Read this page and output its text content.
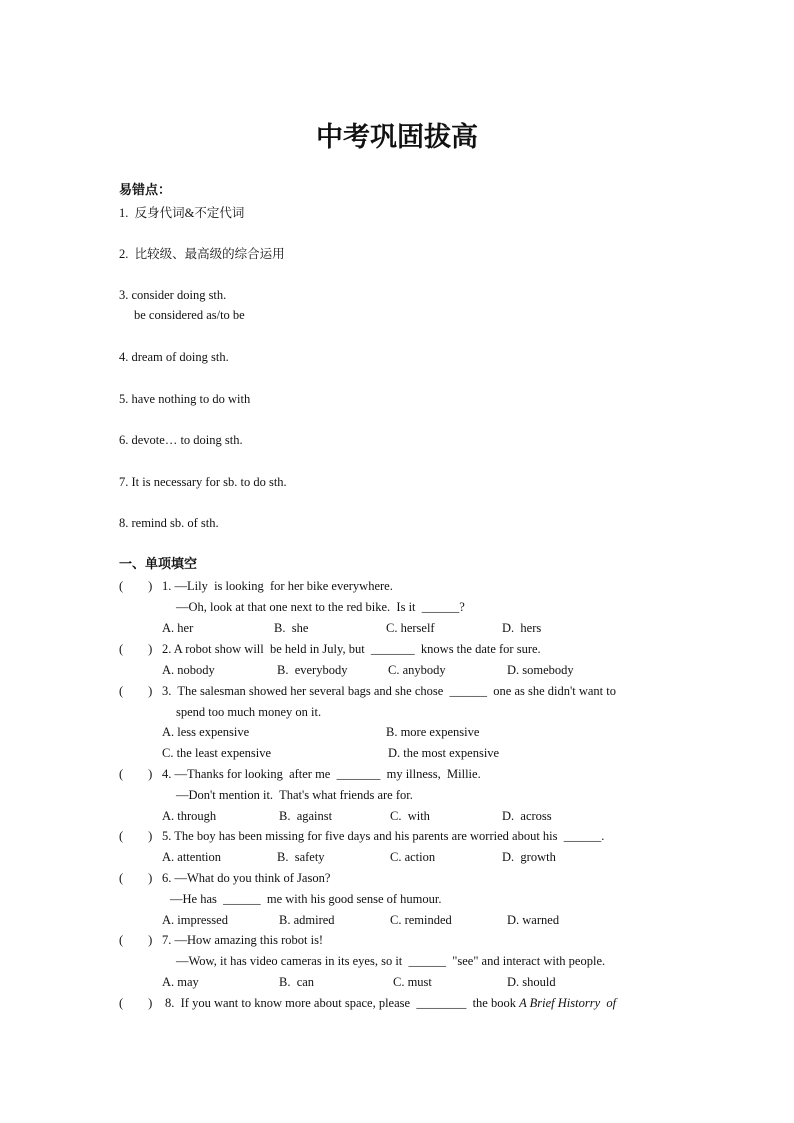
中考巩固拔高
易错点：
1.  反身代词&不定代词
2.  比较级、最高级的综合运用
3. consider doing sth.
be considered as/to be
4. dream of doing sth.
5. have nothing to do with
6. devote… to doing sth.
7. It is necessary for sb. to do sth.
8. remind sb. of sth.
一、单项填空
(        ) 1. —Lily  is looking  for her bike everywhere.
—Oh, look at that one next to the red bike.  Is it  ______?
A. her	B.  she	C. herself	D.  hers
(        ) 2. A robot show will  be held in July, but  _______  knows the date for sure.
A. nobody	B.  everybody	C. anybody	D. somebody
(        ) 3.  The salesman showed her several bags and she chose  ______  one as she didn't want to
spend too much money on it.
A. less expensive	B. more expensive
C. the least expensive	D. the most expensive
(        ) 4. —Thanks for looking  after me  _______  my illness,  Millie.
—Don't mention it.  That's what friends are for.
A. through	B.  against	C.  with	D.  across
(        ) 5. The boy has been missing for five days and his parents are worried about his  ______.
A. attention	B.  safety	C. action	D.  growth
(        ) 6. —What do you think of Jason?
—He has  ______  me with his good sense of humour.
A. impressed	B. admired	C. reminded	D. warned
(        ) 7. —How amazing this robot is!
—Wow, it has video cameras in its eyes, so it  ______  "see" and interact with people.
A. may	B.  can	C. must	D. should
(        ) 8.  If you want to know more about space, please  ________  the book A Brief Historry  of
